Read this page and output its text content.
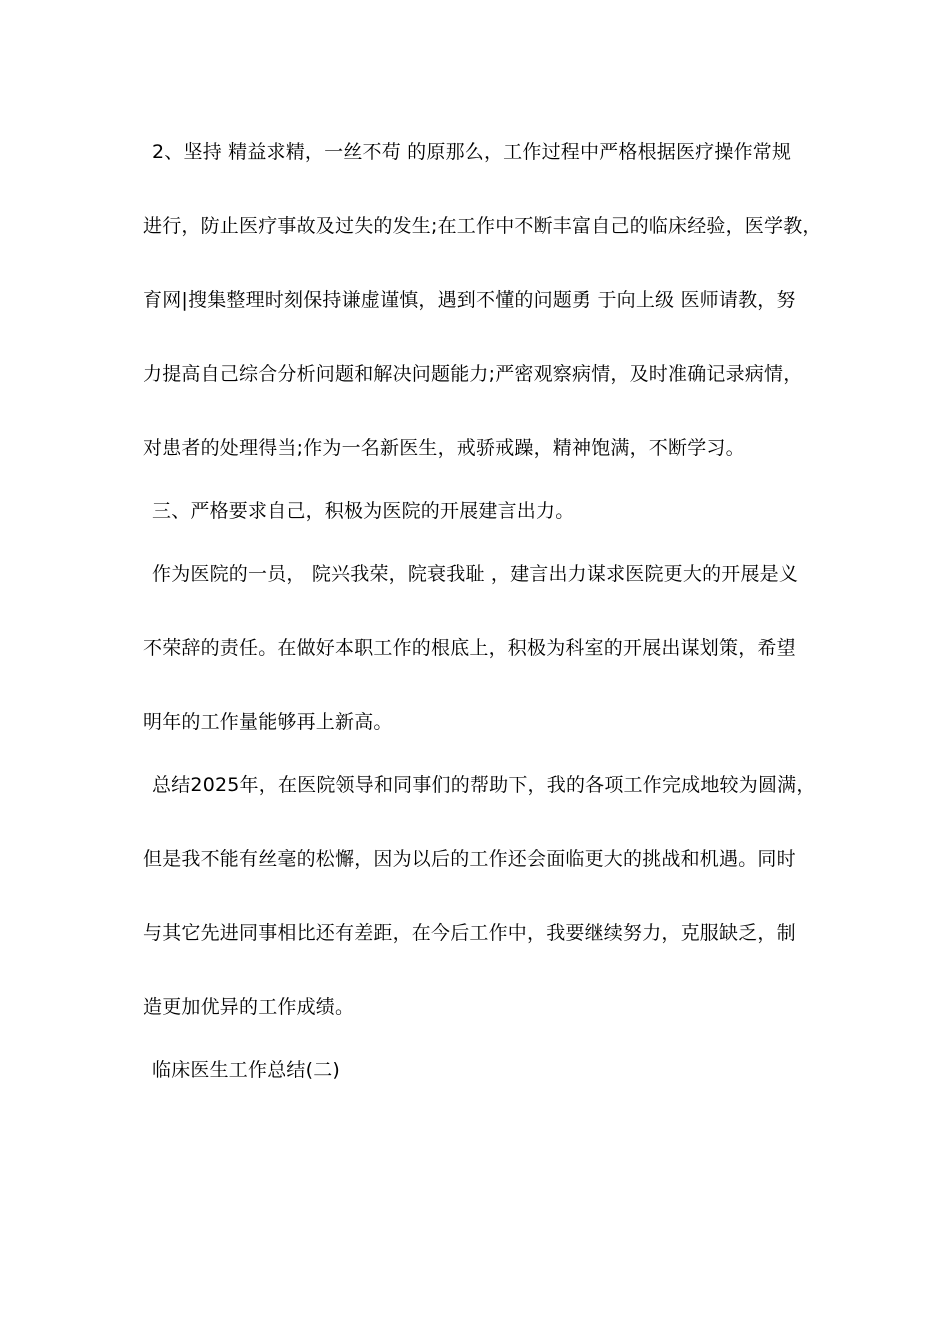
2、坚持 精益求精，一丝不苟 的原那么，工作过程中严格根据医疗操作常规
进行，防止医疗事故及过失的发生;在工作中不断丰富自己的临床经验，医学教，
育网|搜集整理时刻保持谦虚谨慎，遇到不懂的问题勇 于向上级 医师请教，努
力提高自己综合分析问题和解决问题能力;严密观察病情，及时准确记录病情，
对患者的处理得当;作为一名新医生，戒骄戒躁，精神饱满，不断学习。
三、严格要求自己，积极为医院的开展建言出力。
作为医院的一员， 院兴我荣，院衰我耻 ，建言出力谋求医院更大的开展是义
不荣辞的责任。在做好本职工作的根底上，积极为科室的开展出谋划策，希望
明年的工作量能够再上新高。
总结2025年，在医院领导和同事们的帮助下，我的各项工作完成地较为圆满，
但是我不能有丝毫的松懈，因为以后的工作还会面临更大的挑战和机遇。同时
与其它先进同事相比还有差距，在今后工作中，我要继续努力，克服缺乏，制
造更加优异的工作成绩。
临床医生工作总结(二)
